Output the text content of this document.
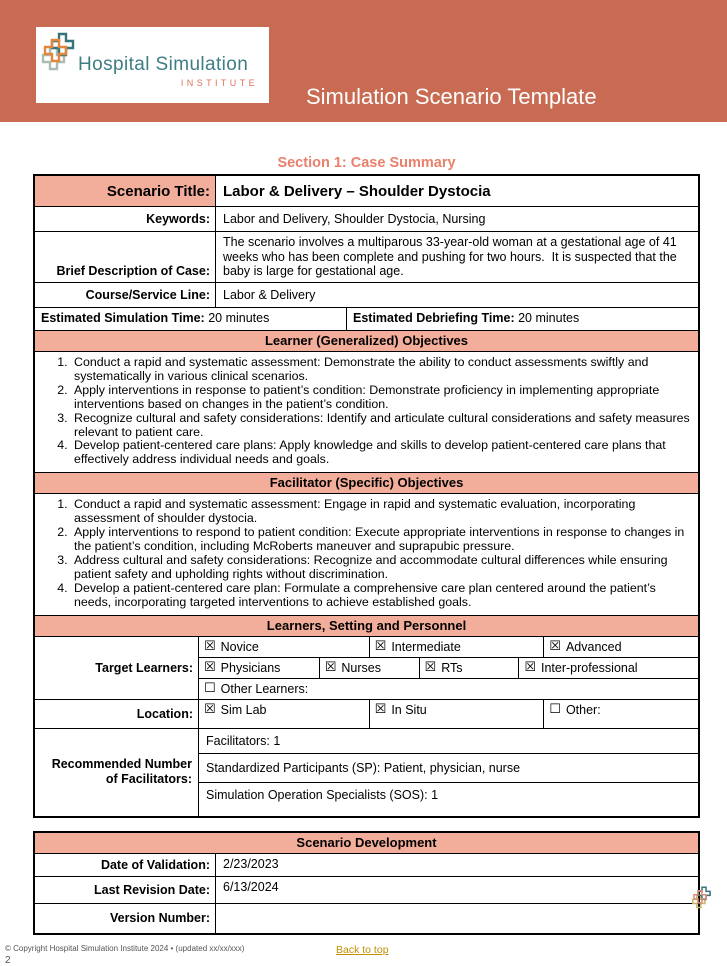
Hospital Simulation
INSTITUTE
Simulation Scenario Template
Section 1: Case Summary
Scenario Title: Labor & Delivery – Shoulder Dystocia
Keywords:	Labor and Delivery, Shoulder Dystocia, Nursing
Brief Description of Case:
The scenario involves a multiparous 33-year-old woman at a gestational age of 41 weeks who has been complete and pushing for two hours.  It is suspected that the baby is large for gestational age.
Course/Service Line:	Labor & Delivery
Estimated Simulation Time: 20 minutes	Estimated Debriefing Time: 20 minutes
Learner (Generalized) Objectives
1. Conduct a rapid and systematic assessment: Demonstrate the ability to conduct assessments swiftly and systematically in various clinical scenarios.
2. Apply interventions in response to patient’s condition: Demonstrate proficiency in implementing appropriate interventions based on changes in the patient’s condition.
3. Recognize cultural and safety considerations: Identify and articulate cultural considerations and safety measures relevant to patient care.
4. Develop patient-centered care plans: Apply knowledge and skills to develop patient-centered care plans that effectively address individual needs and goals.
Facilitator (Specific) Objectives
1. Conduct a rapid and systematic assessment: Engage in rapid and systematic evaluation, incorporating assessment of shoulder dystocia.
2. Apply interventions to respond to patient condition: Execute appropriate interventions in response to changes in the patient’s condition, including McRoberts maneuver and suprapubic pressure.
3. Address cultural and safety considerations: Recognize and accommodate cultural differences while ensuring patient safety and upholding rights without discrimination.
4. Develop a patient-centered care plan: Formulate a comprehensive care plan centered around the patient’s needs, incorporating targeted interventions to achieve established goals.
Learners, Setting and Personnel
Target Learners:
☒ Novice	☒ Intermediate	☒ Advanced
☒ Physicians	☒ Nurses	☒ RTs	☒ Inter-professional
☐ Other Learners:
Location: ☒ Sim Lab	☒ In Situ	☐ Other:
Recommended Number of Facilitators:
Facilitators: 1
Standardized Participants (SP): Patient, physician, nurse
Simulation Operation Specialists (SOS): 1
Scenario Development
Date of Validation:	2/23/2023
Last Revision Date:	6/13/2024
Version Number:
© Copyright Hospital Simulation Institute 2024 • (updated xx/xx/xxx)	Back to top
2
